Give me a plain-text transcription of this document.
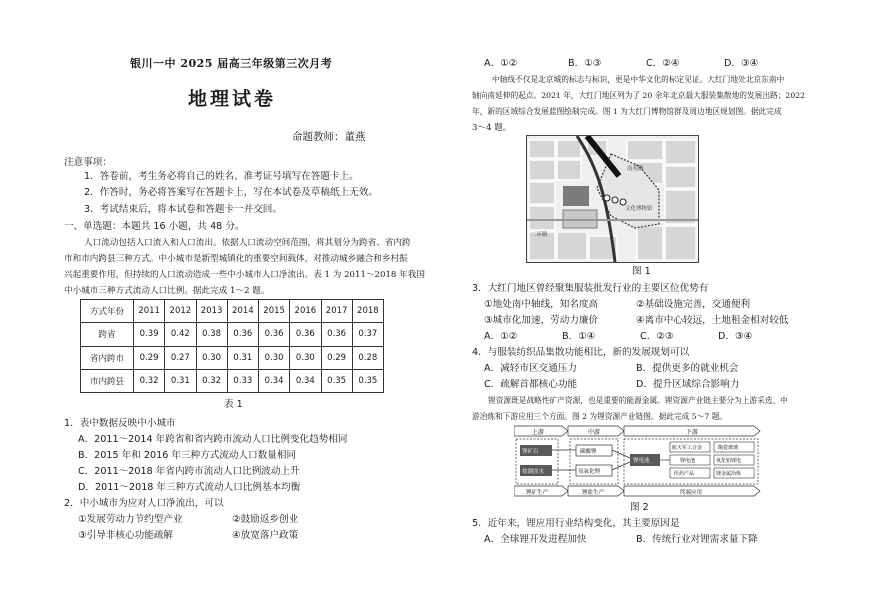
银川一中 2025 届高三年级第三次月考
地理试卷
命题教师：董燕
注意事项：
1．答卷前，考生务必将自己的姓名、准考证号填写在答题卡上。
2．作答时，务必将答案写在答题卡上，写在本试卷及草稿纸上无效。
3．考试结束后，将本试卷和答题卡一并交回。
一、单选题：本题共 16 小题，共 48 分。
人口流动包括人口流入和人口流出。依据人口流动空间范围，将其划分为跨省、省内跨
市和市内跨县三种方式。中小城市是新型城镇化的重要空间载体，对推动城乡融合和乡村振
兴起重要作用，但持续的人口流动造成一些中小城市人口净流出。表 1 为 2011～2018 年我国
中小城市三种方式流动人口比例。据此完成 1～2 题。
方式年份	2011	2012	2013	2014	2015	2016	2017	2018
跨省	0.39	0.42	0.38	0.36	0.36	0.36	0.36	0.37
省内跨市	0.29	0.27	0.30	0.31	0.30	0.30	0.29	0.28
市内跨县	0.32	0.31	0.32	0.33	0.34	0.34	0.35	0.35
表 1
1．表中数据反映中小城市
A．2011～2014 年跨省和省内跨市流动人口比例变化趋势相同
B．2015 年和 2016 年三种方式流动人口数量相同
C．2011～2018 年省内跨市流动人口比例波动上升
D．2011～2018 年三种方式流动人口比例基本均衡
2．中小城市为应对人口净流出，可以
①发展劳动力节约型产业	②鼓励返乡创业
③引导非核心功能疏解	④放宽落户政策
A．①②	B．①③	C．②④	D．③④
中轴线不仅是北京城的标志与标识，更是中华文化的标定见证。大红门地处北京东南中
轴向南延伸的起点。2021 年，大红门地区列为了 20 余年北京最大服装集散地的发展出路；2022
年，新的区域综合发展蓝图绘制完成。图 1 为大红门博物馆群及周边地区规划图。据此完成
3～4 题。
南苑路
二环路
文化博物馆
图 1
3．大红门地区曾经聚集服装批发行业的主要区位优势有
①地处南中轴线，知名度高	②基础设施完善，交通便利
③城市化加速，劳动力廉价	④离市中心较远，土地租金相对较低
A．①②	B．①④	C．②③	D．③④
4．与服装纺织品集散功能相比，新的发展规划可以
A．减轻市区交通压力	B．提供更多的就业机会
C．疏解首都核心功能	D．提升区域综合影响力
锂资源既是战略性矿产资源，也是重要的能源金属。锂资源产业链主要分为上游采选、中
游冶炼和下游应用三个方面。图 2 为锂资源产业链图。据此完成 5～7 题。
上游	中游	下游
锂矿石
盐湖卤水
碳酸锂
氢氧化锂
锂电池
航天军工合金	陶瓷玻璃
锂电池	氧化铝锂电
医药产品	锂金属冶炼
锂矿生产	锂盐生产	终端应用
图 2
5．近年来，锂应用行业结构变化，其主要原因是
A．全球锂开发进程加快	B．传统行业对锂需求量下降
